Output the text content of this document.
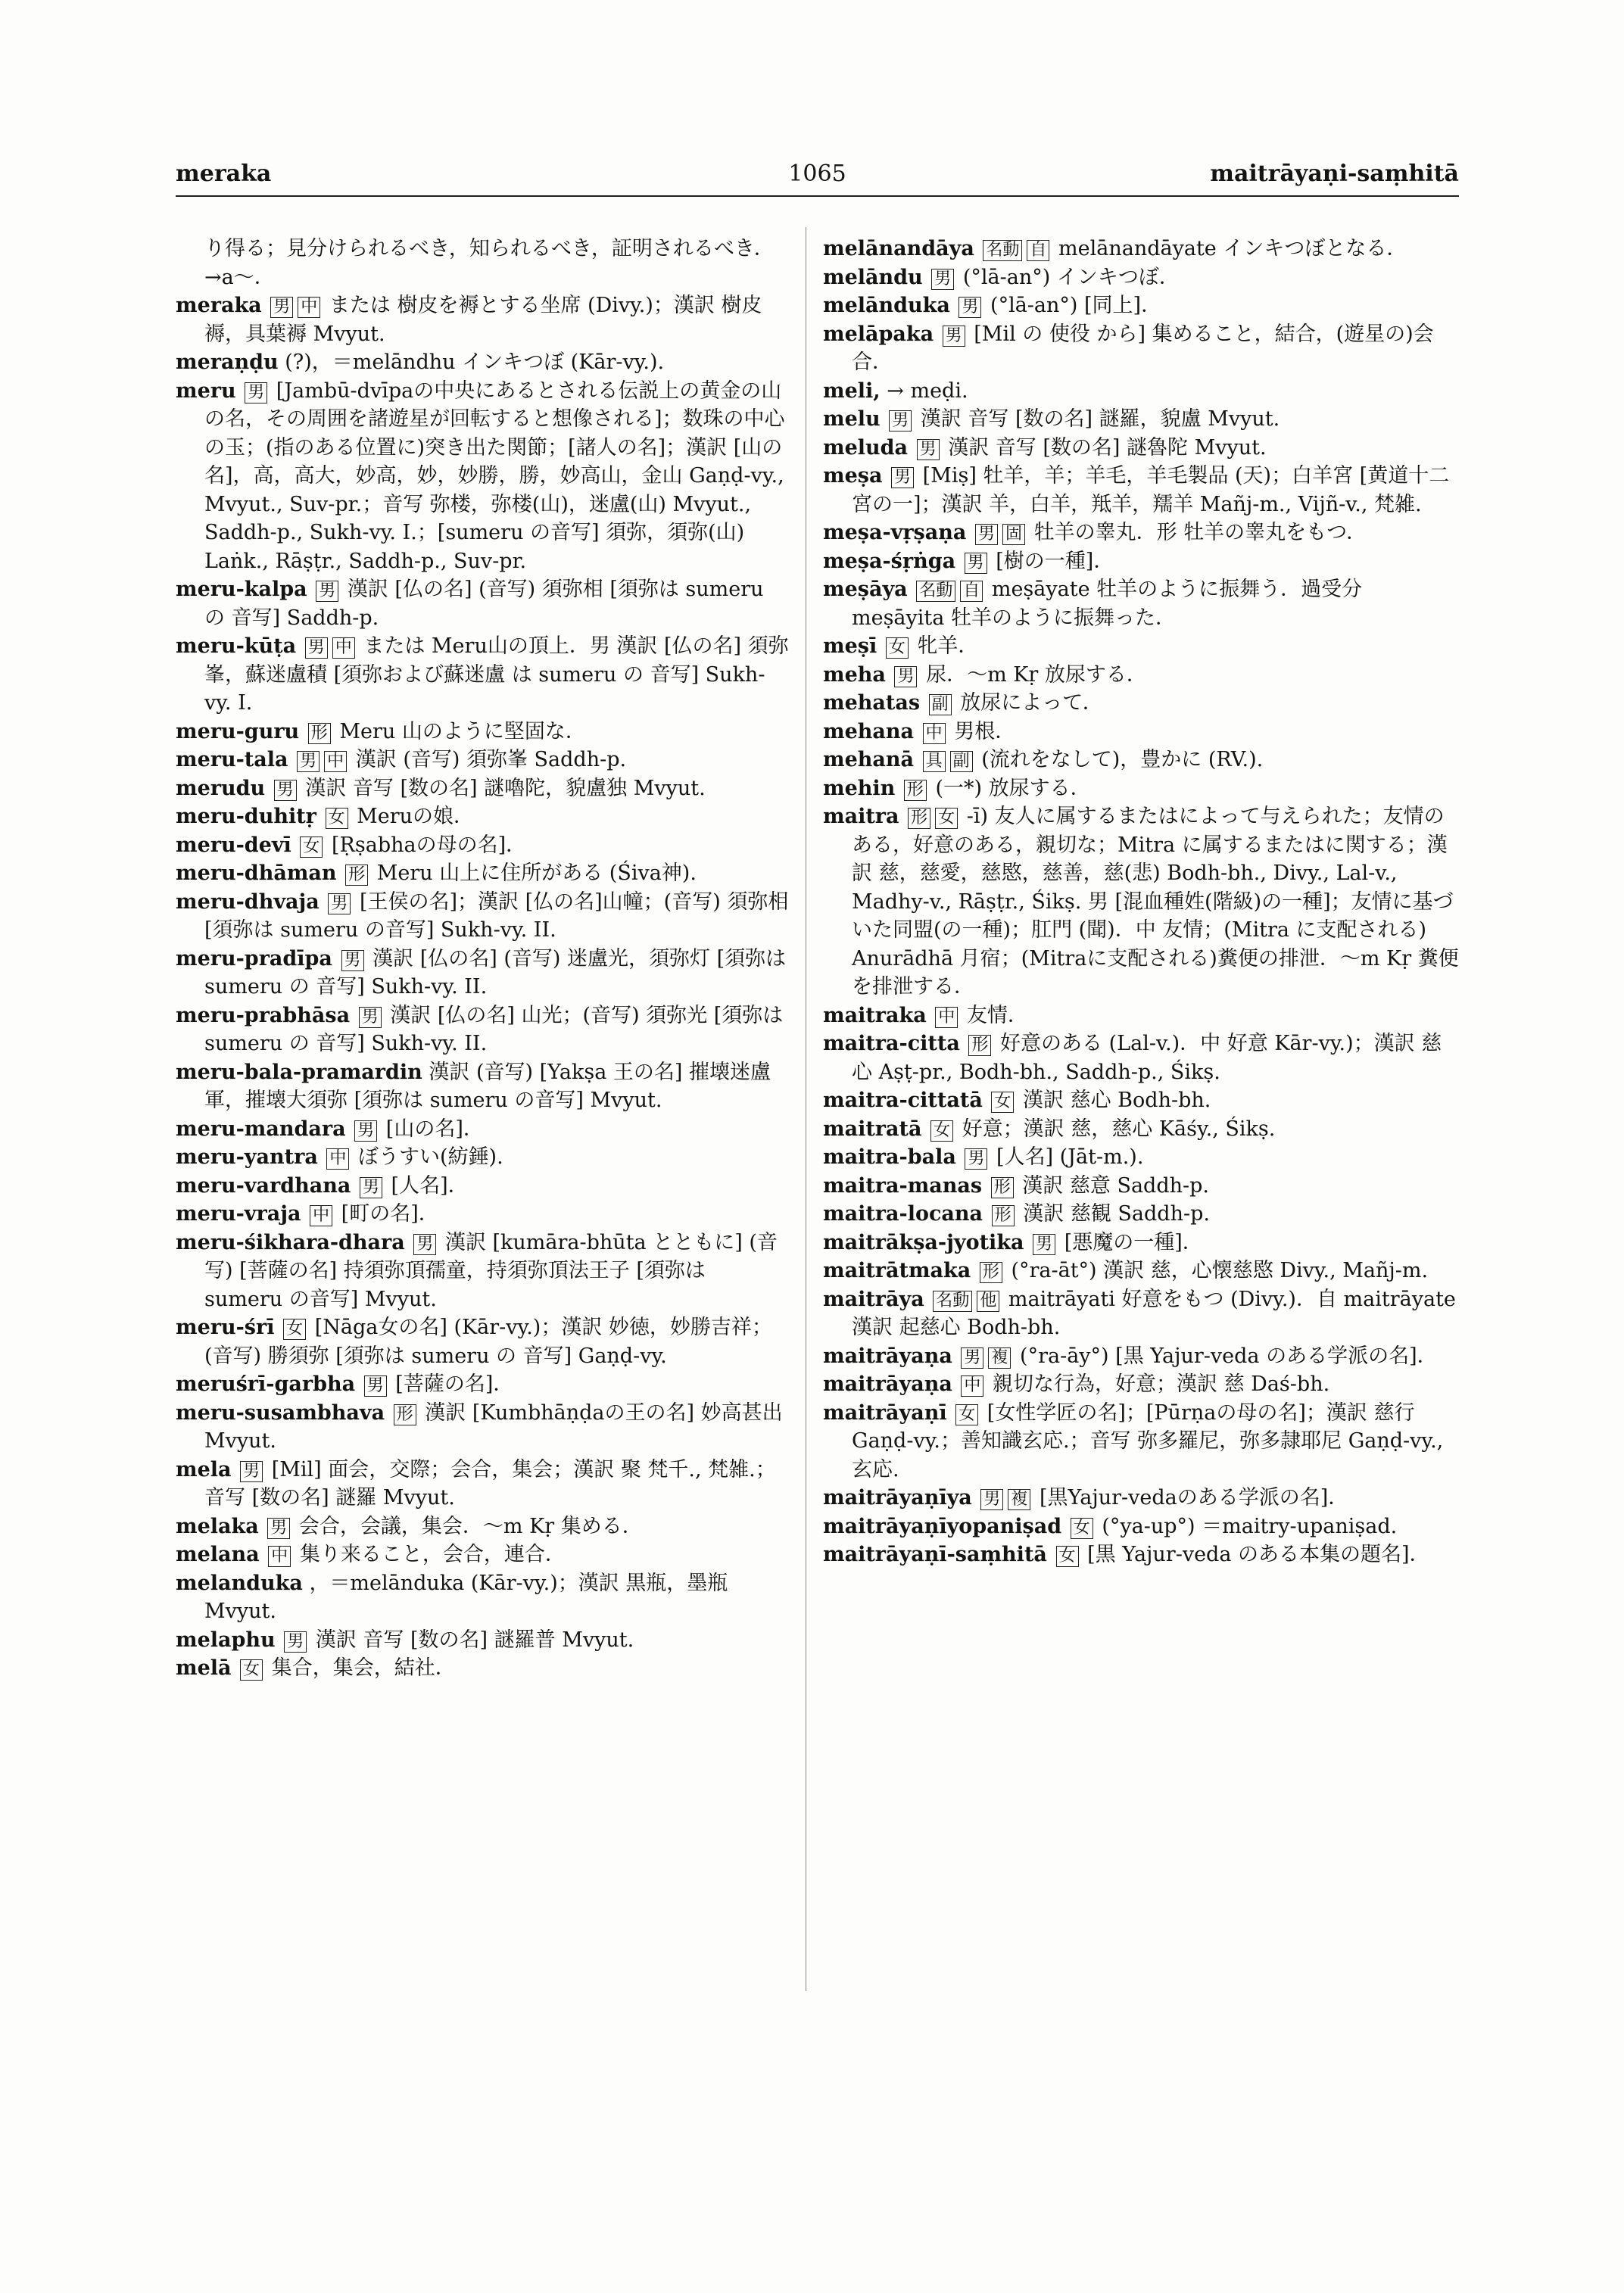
meraka	1065	maitrāyaṇi-saṃhitā

り得る；見分けられるべき，知られるべき，証明されるべき．→a～．

meraka 男 中 または 樹皮を褥とする坐席 (Divy.)；漢訳 樹皮褥，具葉褥 Mvyut.

meraṇḍu (?)，＝melāndhu インキつぼ (Kār-vy.).

meru 男 [Jambū-dvīpaの中央にあるとされる伝説上の黄金の山の名，その周囲を諸遊星が回転すると想像される]；数珠の中心の玉；(指のある位置に)突き出た関節；[諸人の名]；漢訳 [山の名]，高，高大，妙高，妙，妙勝，勝，妙高山，金山 Gaṇḍ-vy., Mvyut., Suv-pr.；音写 弥楼，弥楼(山)，迷盧(山) Mvyut., Saddh-p., Sukh-vy. I.；[sumeru の音写] 須弥，須弥(山) Laṅk., Rāṣṭr., Saddh-p., Suv-pr.

meru-kalpa 男 漢訳 [仏の名] (音写) 須弥相 [須弥は sumeru の 音写] Saddh-p.

meru-kūṭa 男 中 または Meru山の頂上．男 漢訳 [仏の名] 須弥峯，蘇迷盧積 [須弥および蘇迷盧 は sumeru の 音写] Sukh-vy. I.

meru-guru 形 Meru 山のように堅固な．

meru-tala 男 中 漢訳 (音写) 須弥峯 Saddh-p.

merudu 男 漢訳 音写 [数の名] 謎嚕陀，貌盧独 Mvyut.

meru-duhitṛ 女 Meruの娘．

meru-devī 女 [Ṛṣabhaの母の名]．

meru-dhāman 形 Meru 山上に住所がある (Śiva神).

meru-dhvaja 男 [王侯の名]；漢訳 [仏の名]山幢；(音写) 須弥相 [須弥は sumeru の音写] Sukh-vy. II.

meru-pradīpa 男 漢訳 [仏の名] (音写) 迷盧光，須弥灯 [須弥は sumeru の 音写] Sukh-vy. II.

meru-prabhāsa 男 漢訳 [仏の名] 山光；(音写) 須弥光 [須弥は sumeru の 音写] Sukh-vy. II.

meru-bala-pramardin 漢訳 (音写) [Yakṣa 王の名] 摧壊迷盧軍，摧壊大須弥 [須弥は sumeru の音写] Mvyut.

meru-mandara 男 [山の名]．

meru-yantra 中 ぼうすい(紡錘).

meru-vardhana 男 [人名]．

meru-vraja 中 [町の名]．

meru-śikhara-dhara 男 漢訳 [kumāra-bhūta とともに] (音写) [菩薩の名] 持須弥頂孺童，持須弥頂法王子 [須弥は sumeru の音写] Mvyut.

meru-śrī 女 [Nāga女の名] (Kār-vy.)；漢訳 妙徳，妙勝吉祥；(音写) 勝須弥 [須弥は sumeru の 音写] Gaṇḍ-vy.

meruśrī-garbha 男 [菩薩の名]．

meru-susambhava 形 漢訳 [Kumbhāṇḍaの王の名] 妙高甚出 Mvyut.

mela 男 [Mil] 面会，交際；会合，集会；漢訳 聚 梵千., 梵雑.；音写 [数の名] 謎羅 Mvyut.

melaka 男 会合，会議，集会．～m Kṛ 集める．

melana 中 集り来ること，会合，連合．

melanduka ，＝melānduka (Kār-vy.)；漢訳 黒瓶，墨瓶 Mvyut.

melaphu 男 漢訳 音写 [数の名] 謎羅普 Mvyut.

melā 女 集合，集会，結社．

melānandāya 名動 自 melānandāyate インキつぼとなる．

melāndu 男 (°lā-an°) インキつぼ．

melānduka 男 (°lā-an°) [同上]．

melāpaka 男 [Mil の 使役 から] 集めること，結合，(遊星の)会合．

meli, → meḍi.

melu 男 漢訳 音写 [数の名] 謎羅，貌盧 Mvyut.

meluda 男 漢訳 音写 [数の名] 謎魯陀 Mvyut.

meṣa 男 [Miṣ] 牡羊，羊；羊毛，羊毛製品 (天)；白羊宮 [黄道十二宮の一]；漢訳 羊，白羊，羝羊，羺羊 Mañj-m., Vijñ-v., 梵雑.

meṣa-vṛṣaṇa 男 固 牡羊の睾丸．形 牡羊の睾丸をもつ．

meṣa-śṛṅga 男 [樹の一種]．

meṣāya 名動 自 meṣāyate 牡羊のように振舞う．過受分 meṣāyita 牡羊のように振舞った．

meṣī 女 牝羊．

meha 男 尿．～m Kṛ 放尿する．

mehatas 副 放尿によって．

mehana 中 男根．

mehanā 具 副 (流れをなして)，豊かに (RV.).

mehin 形 (一*) 放尿する．

maitra 形 女 -ī) 友人に属するまたはによって与えられた；友情のある，好意のある，親切な；Mitra に属するまたはに関する；漢訳 慈，慈愛，慈愍，慈善，慈(悲) Bodh-bh., Divy., Lal-v., Madhy-v., Rāṣṭr., Śikṣ. 男 [混血種姓(階級)の一種]；友情に基づいた同盟(の一種)；肛門 (聞)．中 友情；(Mitra に支配される) Anurādhā 月宿；(Mitraに支配される)糞便の排泄．～m Kṛ 糞便を排泄する．

maitraka 中 友情．

maitra-citta 形 好意のある (Lal-v.)．中 好意 Kār-vy.)；漢訳 慈心 Aṣṭ-pr., Bodh-bh., Saddh-p., Śikṣ.

maitra-cittatā 女 漢訳 慈心 Bodh-bh.

maitratā 女 好意；漢訳 慈，慈心 Kāśy., Śikṣ.

maitra-bala 男 [人名] (Jāt-m.).

maitra-manas 形 漢訳 慈意 Saddh-p.

maitra-locana 形 漢訳 慈観 Saddh-p.

maitrākṣa-jyotika 男 [悪魔の一種]．

maitrātmaka 形 (°ra-āt°) 漢訳 慈，心懐慈愍 Divy., Mañj-m.

maitrāya 名動 他 maitrāyati 好意をもつ (Divy.)．自 maitrāyate 漢訳 起慈心 Bodh-bh.

maitrāyaṇa 男 複 (°ra-āy°) [黒 Yajur-veda のある学派の名]．

maitrāyaṇa 中 親切な行為，好意；漢訳 慈 Daś-bh.

maitrāyaṇī 女 [女性学匠の名]；[Pūrṇaの母の名]；漢訳 慈行 Gaṇḍ-vy.；善知識玄応.；音写 弥多羅尼，弥多隷耶尼 Gaṇḍ-vy., 玄応.

maitrāyaṇīya 男 複 [黒Yajur-vedaのある学派の名]．

maitrāyaṇīyopaniṣad 女 (°ya-up°) ＝maitry-upaniṣad.

maitrāyaṇī-saṃhitā 女 [黒 Yajur-veda のある本集の題名]．
